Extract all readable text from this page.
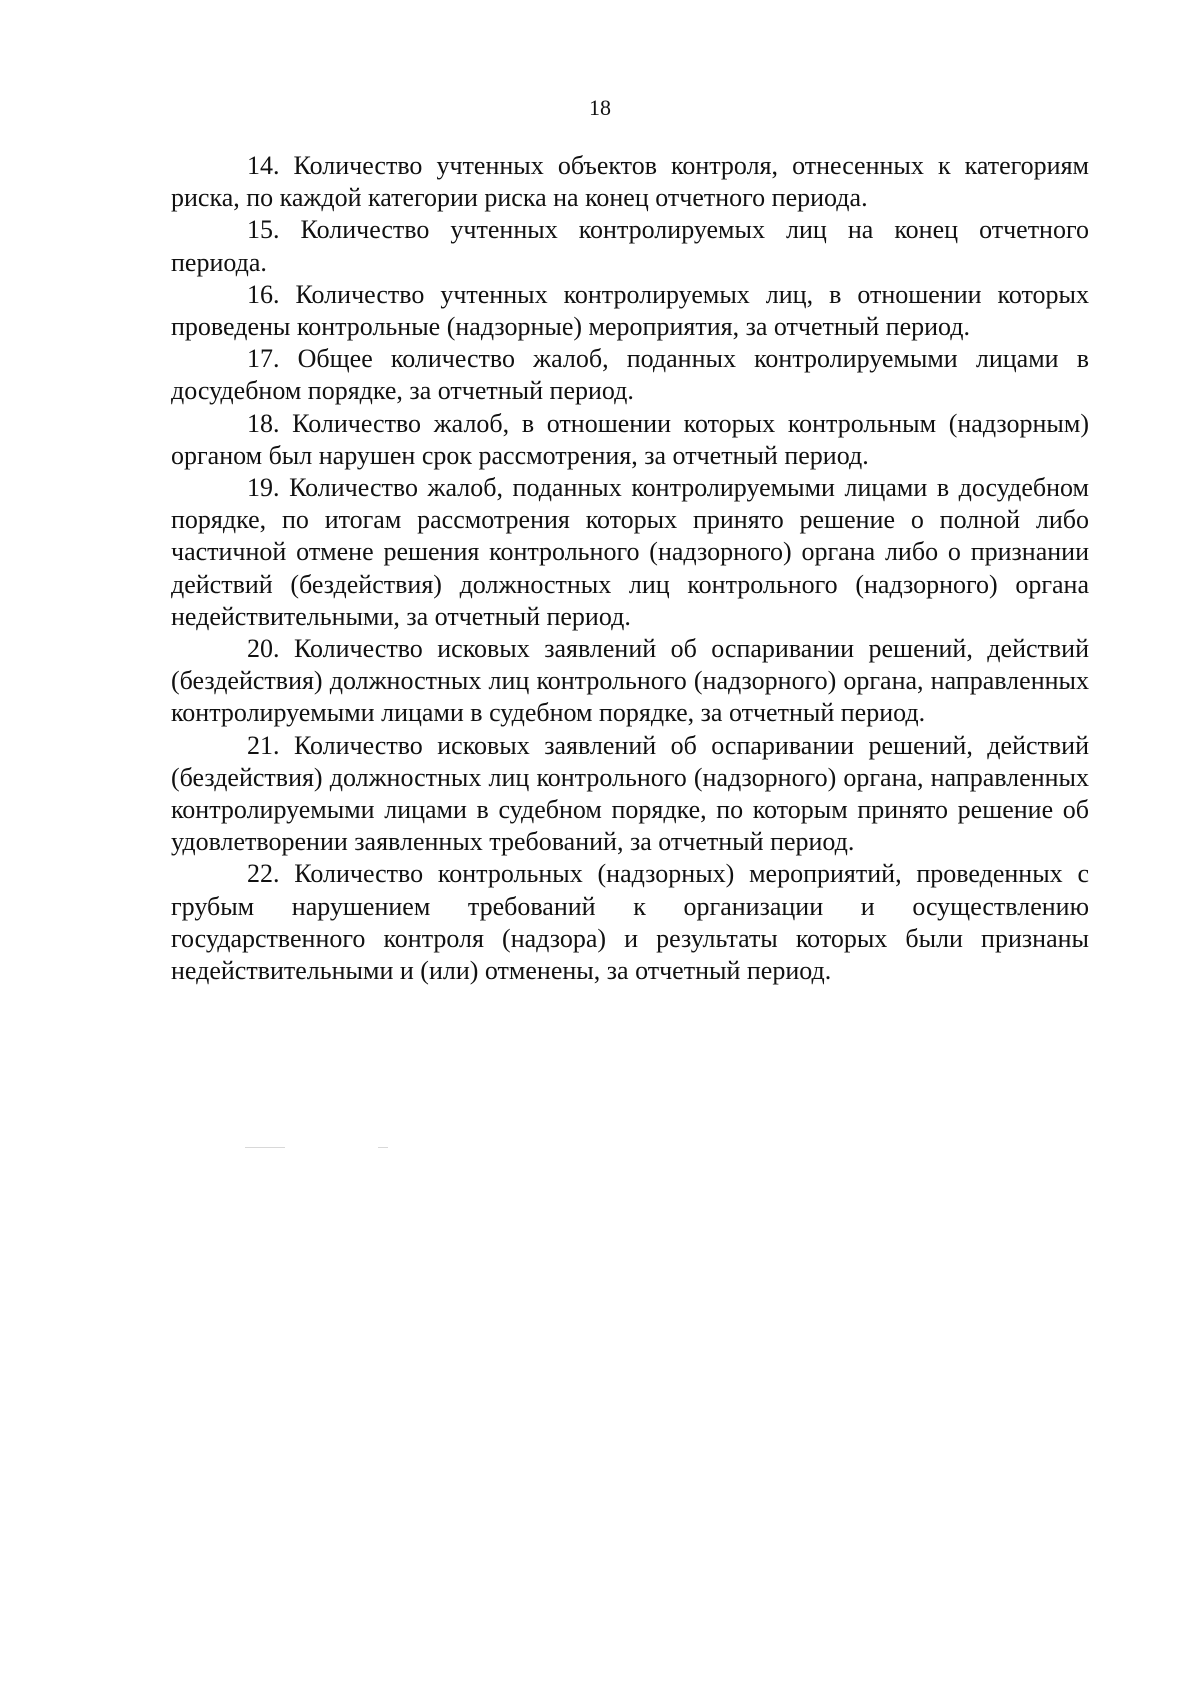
18

14. Количество учтенных объектов контроля, отнесенных к категориям риска, по каждой категории риска на конец отчетного периода.

15. Количество учтенных контролируемых лиц на конец отчетного периода.

16. Количество учтенных контролируемых лиц, в отношении которых проведены контрольные (надзорные) мероприятия, за отчетный период.

17. Общее количество жалоб, поданных контролируемыми лицами в досудебном порядке, за отчетный период.

18. Количество жалоб, в отношении которых контрольным (надзорным) органом был нарушен срок рассмотрения, за отчетный период.

19. Количество жалоб, поданных контролируемыми лицами в досудебном порядке, по итогам рассмотрения которых принято решение о полной либо частичной отмене решения контрольного (надзорного) органа либо о признании действий (бездействия) должностных лиц контрольного (надзорного) органа недействительными, за отчетный период.

20. Количество исковых заявлений об оспаривании решений, действий (бездействия) должностных лиц контрольного (надзорного) органа, направленных контролируемыми лицами в судебном порядке, за отчетный период.

21. Количество исковых заявлений об оспаривании решений, действий (бездействия) должностных лиц контрольного (надзорного) органа, направленных контролируемыми лицами в судебном порядке, по которым принято решение об удовлетворении заявленных требований, за отчетный период.

22. Количество контрольных (надзорных) мероприятий, проведенных с грубым нарушением требований к организации и осуществлению государственного контроля (надзора) и результаты которых были признаны недействительными и (или) отменены, за отчетный период.
